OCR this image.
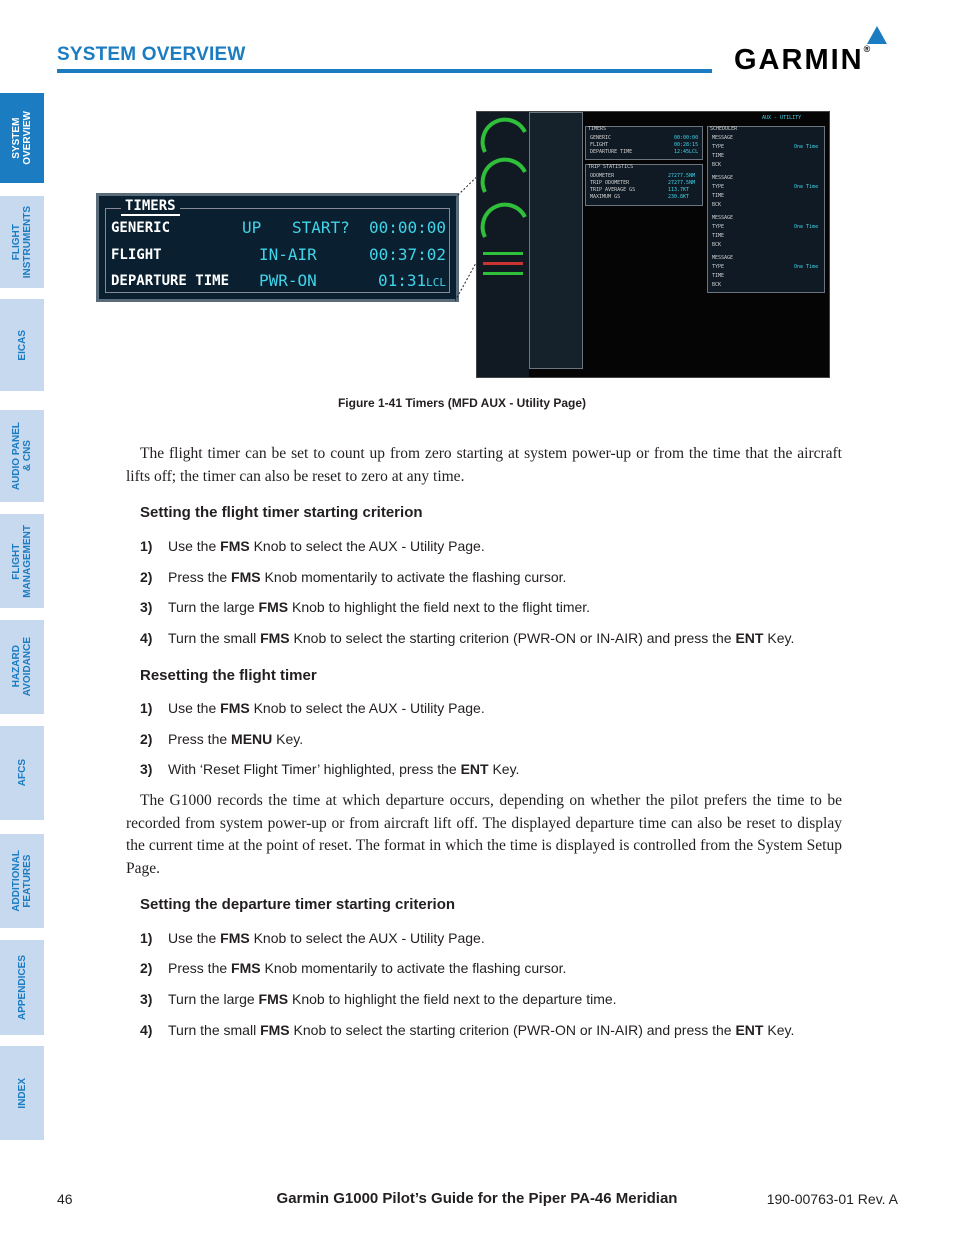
SYSTEM OVERVIEW	GARMIN®
SYSTEM
OVERVIEW
FLIGHT
INSTRUMENTS
EICAS
AUDIO PANEL
& CNS
FLIGHT
MANAGEMENT
HAZARD
AVOIDANCE
AFCS
ADDITIONAL
FEATURES
APPENDICES
INDEX
TIMERS
GENERIC	UP START? 00:00:00
FLIGHT	IN-AIR	00:37:02
DEPARTURE TIME PWR-ON	01:31LCL
TIMERS
GENERIC	00:00:00
FLIGHT	00:28:15
DEPARTURE TIME	12:45LCL
TRIP STATISTICS
ODOMETER	27277.5NM
TRIP ODOMETER	27277.5NM
TRIP AVERAGE GS	113.7KT
MAXIMUM GS	230.8KT
AUX - UTILITY
SCHEDULER
MESSAGE
TYPE	One Time
TIME
BCK
MESSAGE
TYPE	One Time
TIME
BCK
MESSAGE
TYPE	One Time
TIME
BCK
MESSAGE
TYPE	One Time
TIME
BCK
Figure 1-41 Timers (MFD AUX - Utility Page)
The flight timer can be set to count up from zero starting at system power-up or from the time that the aircraft lifts off; the timer can also be reset to zero at any time.
Setting the flight timer starting criterion
1) Use the FMS Knob to select the AUX - Utility Page.
2) Press the FMS Knob momentarily to activate the flashing cursor.
3) Turn the large FMS Knob to highlight the field next to the flight timer.
4) Turn the small FMS Knob to select the starting criterion (PWR-ON or IN-AIR) and press the ENT Key.
Resetting the flight timer
1) Use the FMS Knob to select the AUX - Utility Page.
2) Press the MENU Key.
3) With ‘Reset Flight Timer’ highlighted, press the ENT Key.
The G1000 records the time at which departure occurs, depending on whether the pilot prefers the time to be recorded from system power-up or from aircraft lift off. The displayed departure time can also be reset to display the current time at the point of reset. The format in which the time is displayed is controlled from the System Setup Page.
Setting the departure timer starting criterion
1) Use the FMS Knob to select the AUX - Utility Page.
2) Press the FMS Knob momentarily to activate the flashing cursor.
3) Turn the large FMS Knob to highlight the field next to the departure time.
4) Turn the small FMS Knob to select the starting criterion (PWR-ON or IN-AIR) and press the ENT Key.
46	Garmin G1000 Pilot’s Guide for the Piper PA-46 Meridian	190-00763-01 Rev. A
